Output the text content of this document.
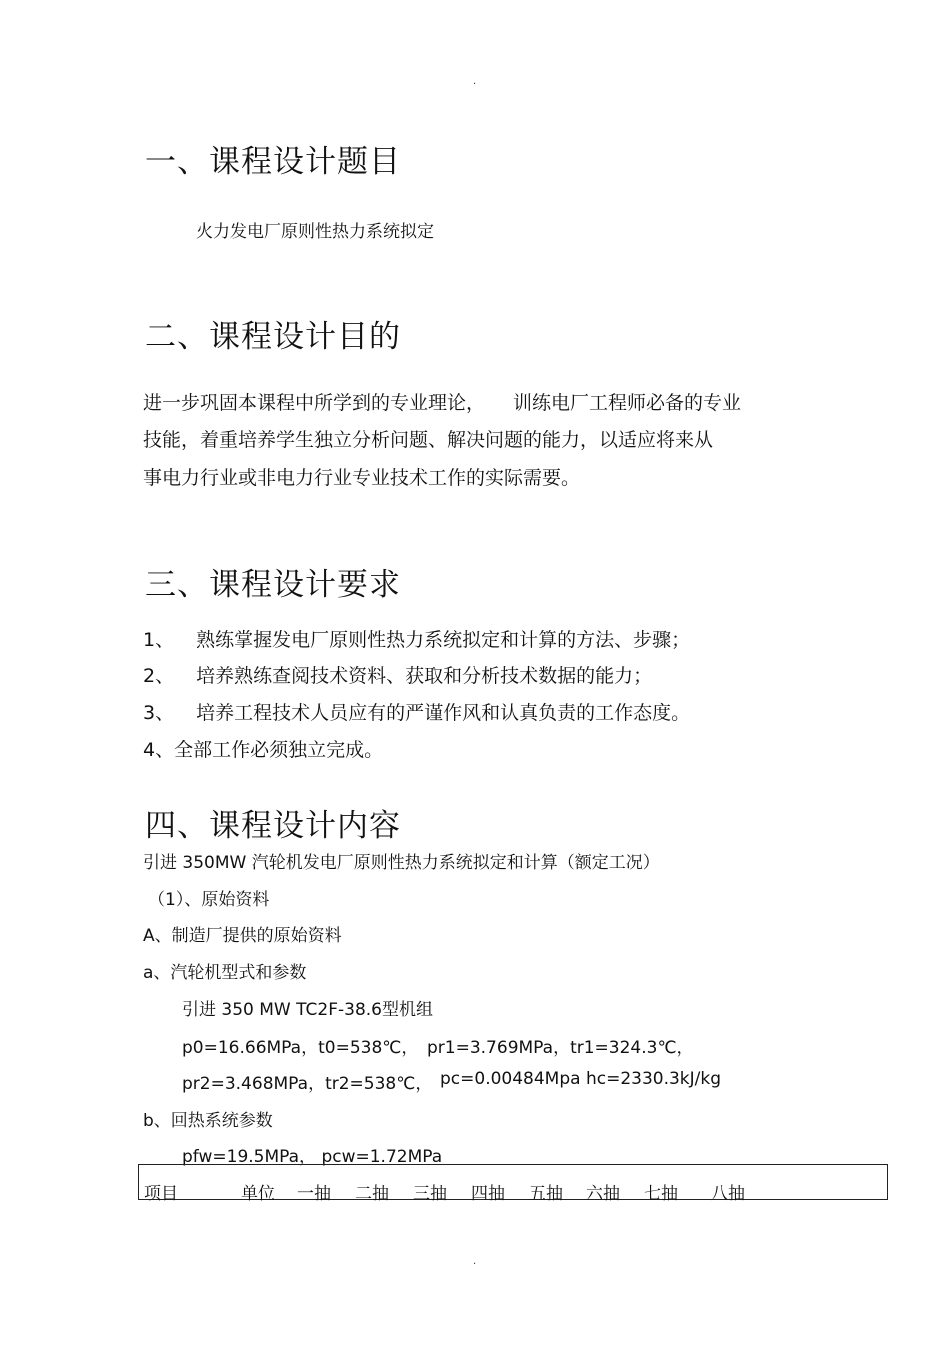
.
一、课程设计题目
火力发电厂原则性热力系统拟定
二、课程设计目的
进一步巩固本课程中所学到的专业理论， 训练电厂工程师必备的专业
技能，着重培养学生独立分析问题、解决问题的能力，以适应将来从
事电力行业或非电力行业专业技术工作的实际需要。
三、课程设计要求
1、 熟练掌握发电厂原则性热力系统拟定和计算的方法、步骤；
2、 培养熟练查阅技术资料、获取和分析技术数据的能力；
3、 培养工程技术人员应有的严谨作风和认真负责的工作态度。
4、全部工作必须独立完成。
四、课程设计内容
引进 350MW 汽轮机发电厂原则性热力系统拟定和计算（额定工况）
（1）、原始资料
A、制造厂提供的原始资料
a、汽轮机型式和参数
引进 350 MW TC2F-38.6型机组
p0=16.66MPa，t0=538℃， pr1=3.769MPa，tr1=324.3℃，
pr2=3.468MPa，tr2=538℃， pc=0.00484Mpa hc=2330.3kJ/kg
b、回热系统参数
pfw=19.5MPa， pcw=1.72MPa
项目	单位 一抽 二抽 三抽 四抽 五抽 六抽 七抽 八抽
.
